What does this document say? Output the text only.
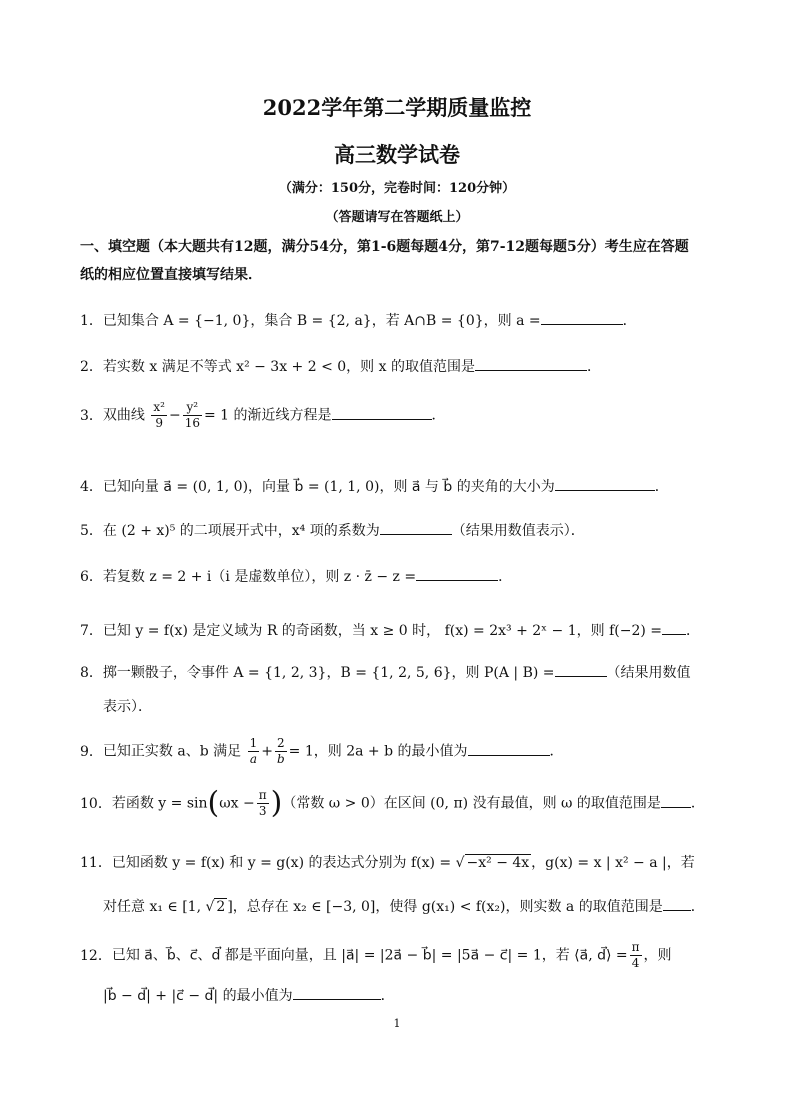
2022学年第二学期质量监控
高三数学试卷
（满分：150分，完卷时间：120分钟）
（答题请写在答题纸上）
一、填空题（本大题共有12题，满分54分，第1-6题每题4分，第7-12题每题5分）考生应在答题
纸的相应位置直接填写结果．
1．已知集合 A = {−1, 0}，集合 B = {2, a}，若 A∩B = {0}，则 a =	．
2．若实数 x 满足不等式 x² − 3x + 2 < 0，则 x 的取值范围是	．
3．双曲线 $\frac{\text{x²}}{9} - \frac{\text{y²}}{16} = 1$ 的渐近线方程是	．
4．已知向量 a⃗ = (0, 1, 0)，向量 b⃗ = (1, 1, 0)，则 a⃗ 与 b⃗ 的夹角的大小为	．
5．在 (2 + x)⁵ 的二项展开式中，x⁴ 项的系数为	（结果用数值表示）．
6．若复数 z = 2 + i（i 是虚数单位），则 z · z̄ − z =	．
7．已知 y = f(x) 是定义域为 R 的奇函数，当 x ≥ 0 时， f(x) = 2x³ + 2ˣ − 1，则 f(−2) = ．
8．掷一颗骰子，令事件 A = {1, 2, 3}，B = {1, 2, 5, 6}，则 P(A | B) =	（结果用数值
表示）．
9．已知正实数 a、b 满足 $\frac{1}{a} + \frac{2}{b} = 1$，则 2a + b 的最小值为	．
10．若函数 $y = \sin(\omega x - \frac{\pi}{3}$ )（常数 ω > 0）在区间 (0, π) 没有最值，则 ω 的取值范围是 ．
11．已知函数 y = f(x) 和 y = g(x) 的表达式分别为 f(x) = √ −x² − 4x ，g(x) = x | x² − a |，若
对任意 x₁ ∈ [1, √ 2 ]，总存在 x₂ ∈ [−3, 0]，使得 g(x₁) < f(x₂)，则实数 a 的取值范围是 ．
12．已知 a⃗、b⃗、c⃗、d⃗ 都是平面向量，且 |a⃗| = |2a⃗ − b⃗| = |5a⃗ − c⃗| = 1，若 ⟨a⃗, d⃗⟩ = $\frac{\pi}{4}$ ，则
|b⃗ − d⃗| + |c⃗ − d⃗| 的最小值为	．
1
